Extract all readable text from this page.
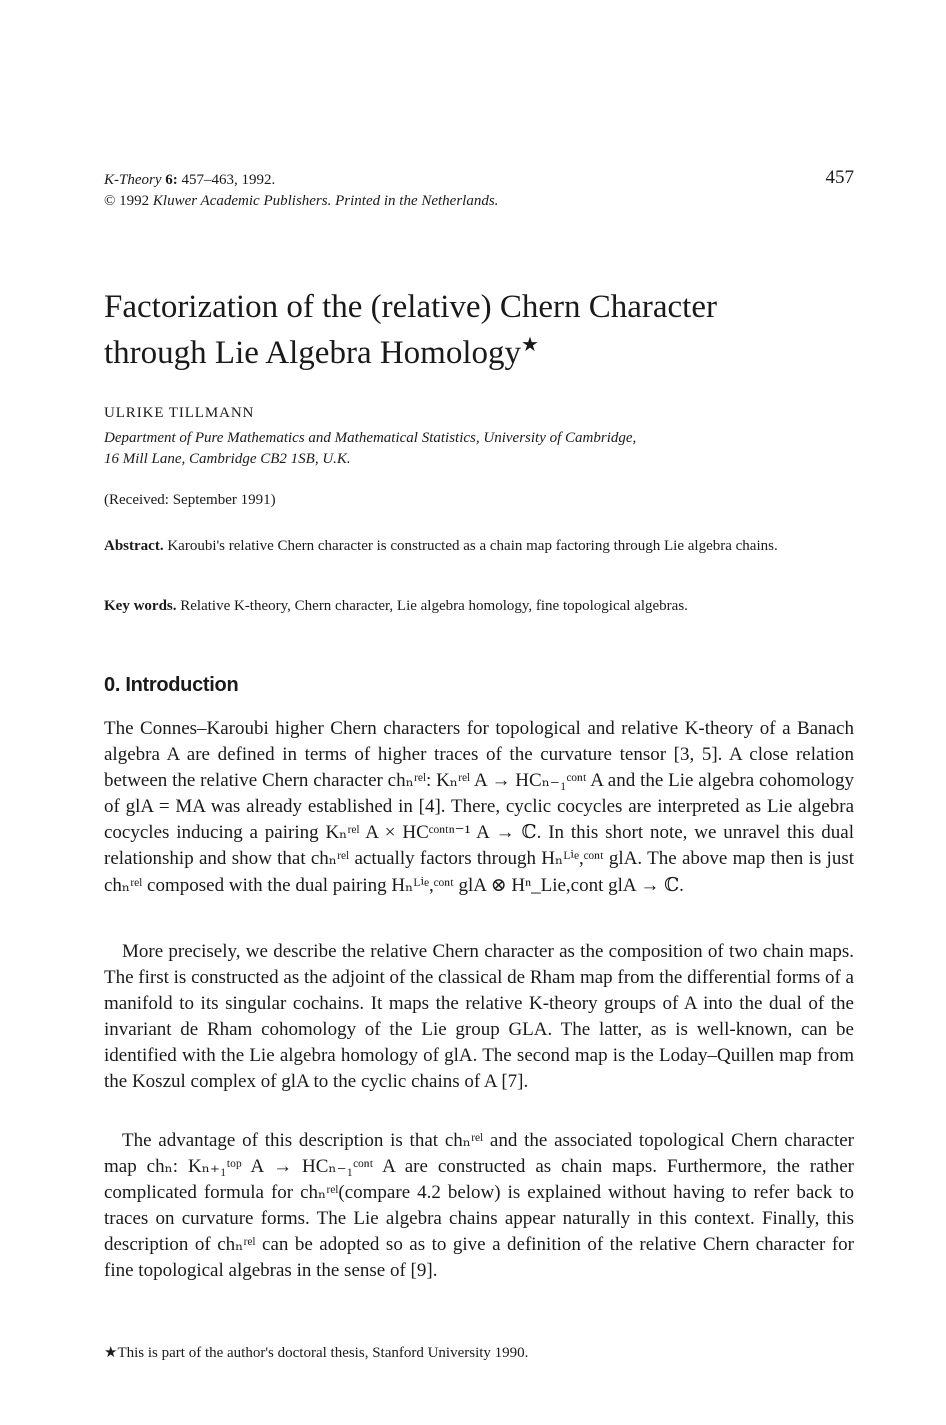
K-Theory 6: 457–463, 1992.
© 1992 Kluwer Academic Publishers. Printed in the Netherlands.
457
Factorization of the (relative) Chern Character
through Lie Algebra Homology★
ULRIKE TILLMANN
Department of Pure Mathematics and Mathematical Statistics, University of Cambridge,
16 Mill Lane, Cambridge CB2 1SB, U.K.
(Received: September 1991)
Abstract. Karoubi's relative Chern character is constructed as a chain map factoring through Lie algebra chains.
Key words. Relative K-theory, Chern character, Lie algebra homology, fine topological algebras.
0. Introduction
The Connes–Karoubi higher Chern characters for topological and relative K-theory of a Banach algebra A are defined in terms of higher traces of the curvature tensor [3, 5]. A close relation between the relative Chern character chₙʳᵉˡ: Kₙʳᵉˡ A → HCₙ₋₁ᶜᵒⁿᵗ A and the Lie algebra cohomology of glA = MA was already established in [4]. There, cyclic cocycles are interpreted as Lie algebra cocycles inducing a pairing Kₙʳᵉˡ A × HCᶜᵒⁿᵗⁿ⁻¹ A → ℂ. In this short note, we unravel this dual relationship and show that chₙʳᵉˡ actually factors through Hₙᴸⁱᵉ,ᶜᵒⁿᵗ glA. The above map then is just chₙʳᵉˡ composed with the dual pairing Hₙᴸⁱᵉ,ᶜᵒⁿᵗ glA ⊗ Hⁿ_Lie,cont glA → ℂ.
More precisely, we describe the relative Chern character as the composition of two chain maps. The first is constructed as the adjoint of the classical de Rham map from the differential forms of a manifold to its singular cochains. It maps the relative K-theory groups of A into the dual of the invariant de Rham cohomology of the Lie group GLA. The latter, as is well-known, can be identified with the Lie algebra homology of glA. The second map is the Loday–Quillen map from the Koszul complex of glA to the cyclic chains of A [7].
The advantage of this description is that chₙʳᵉˡ and the associated topological Chern character map chₙ: Kₙ₊₁ᵗᵒᵖ A → HCₙ₋₁ᶜᵒⁿᵗ A are constructed as chain maps. Furthermore, the rather complicated formula for chₙʳᵉˡ(compare 4.2 below) is explained without having to refer back to traces on curvature forms. The Lie algebra chains appear naturally in this context. Finally, this description of chₙʳᵉˡ can be adopted so as to give a definition of the relative Chern character for fine topological algebras in the sense of [9].
★This is part of the author's doctoral thesis, Stanford University 1990.
